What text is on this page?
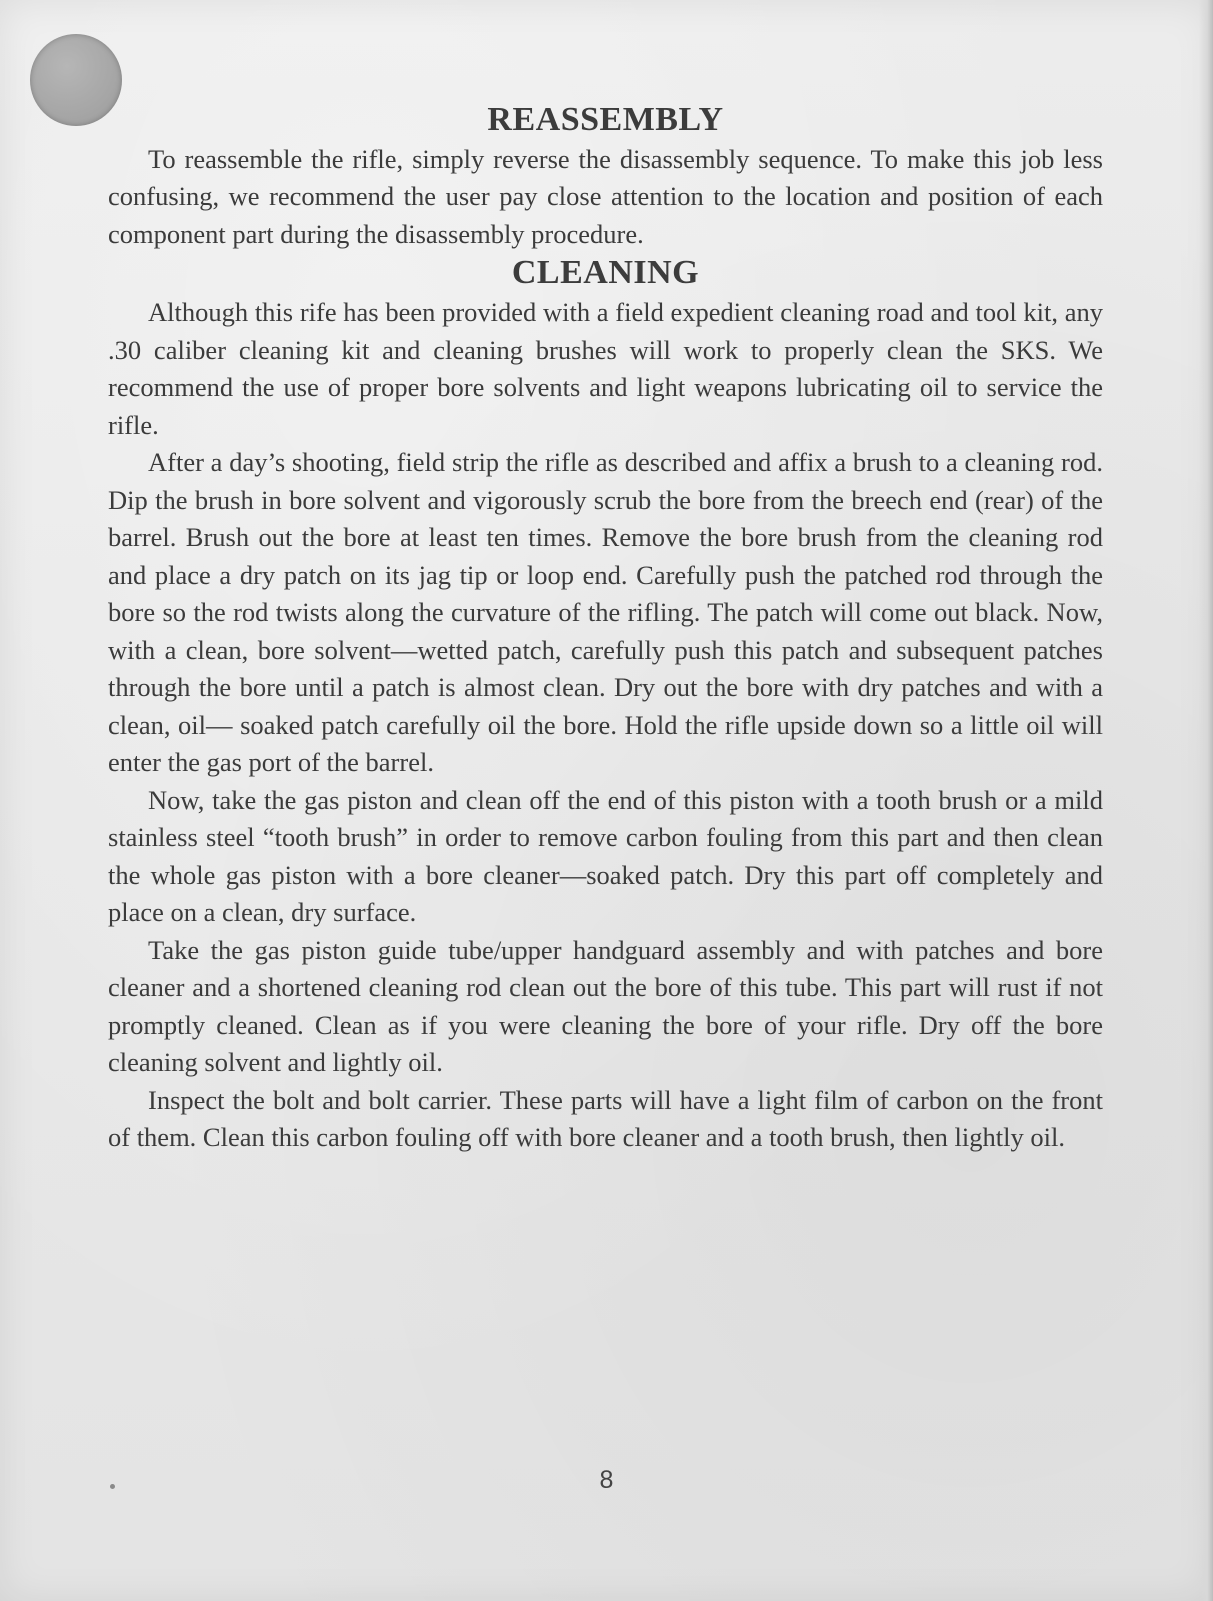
REASSEMBLY

To reassemble the rifle, simply reverse the disassembly sequence. To make this job less confusing, we recommend the user pay close attention to the location and position of each component part during the disassembly procedure.

CLEANING

Although this rife has been provided with a field expedient cleaning road and tool kit, any .30 caliber cleaning kit and cleaning brushes will work to properly clean the SKS. We recommend the use of proper bore solvents and light weapons lubricating oil to service the rifle.

After a day’s shooting, field strip the rifle as described and affix a brush to a cleaning rod. Dip the brush in bore solvent and vigorously scrub the bore from the breech end (rear) of the barrel. Brush out the bore at least ten times. Remove the bore brush from the cleaning rod and place a dry patch on its jag tip or loop end. Carefully push the patched rod through the bore so the rod twists along the curvature of the rifling. The patch will come out black. Now, with a clean, bore solvent—wetted patch, carefully push this patch and subsequent patches through the bore until a patch is almost clean. Dry out the bore with dry patches and with a clean, oil— soaked patch carefully oil the bore. Hold the rifle upside down so a little oil will enter the gas port of the barrel.

Now, take the gas piston and clean off the end of this piston with a tooth brush or a mild stainless steel “tooth brush” in order to remove carbon fouling from this part and then clean the whole gas piston with a bore cleaner—soaked patch. Dry this part off completely and place on a clean, dry surface.

Take the gas piston guide tube/upper handguard assembly and with patches and bore cleaner and a shortened cleaning rod clean out the bore of this tube. This part will rust if not promptly cleaned. Clean as if you were cleaning the bore of your rifle. Dry off the bore cleaning solvent and lightly oil.

Inspect the bolt and bolt carrier. These parts will have a light film of carbon on the front of them. Clean this carbon fouling off with bore cleaner and a tooth brush, then lightly oil.

8
